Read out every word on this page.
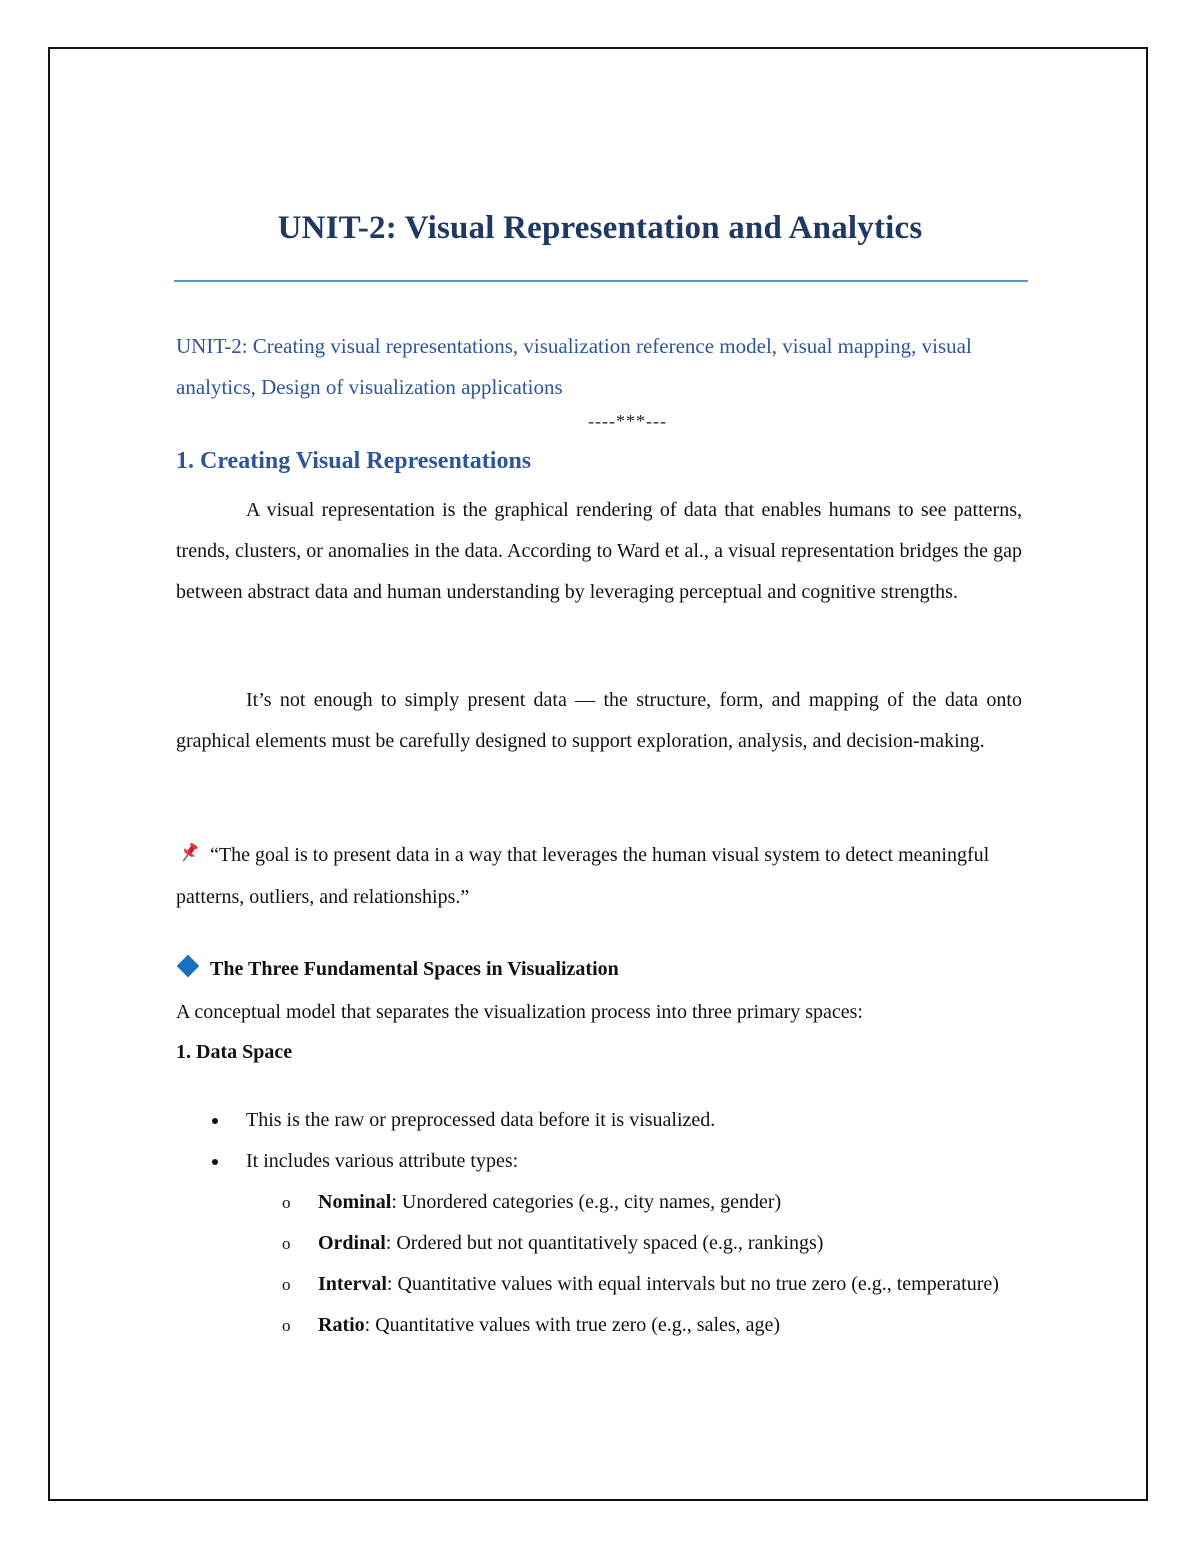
UNIT-2: Visual Representation and Analytics
UNIT-2: Creating visual representations, visualization reference model, visual mapping, visual analytics, Design of visualization applications
----***---
1. Creating Visual Representations

A visual representation is the graphical rendering of data that enables humans to see patterns, trends, clusters, or anomalies in the data. According to Ward et al., a visual representation bridges the gap between abstract data and human understanding by leveraging perceptual and cognitive strengths.

It’s not enough to simply present data — the structure, form, and mapping of the data onto graphical elements must be carefully designed to support exploration, analysis, and decision-making.

“The goal is to present data in a way that leverages the human visual system to detect meaningful patterns, outliers, and relationships.”
The Three Fundamental Spaces in Visualization
A conceptual model that separates the visualization process into three primary spaces:
1. Data Space
This is the raw or preprocessed data before it is visualized.
It includes various attribute types:
o Nominal: Unordered categories (e.g., city names, gender)
o Ordinal: Ordered but not quantitatively spaced (e.g., rankings)
o Interval: Quantitative values with equal intervals but no true zero (e.g., temperature)
o Ratio: Quantitative values with true zero (e.g., sales, age)
